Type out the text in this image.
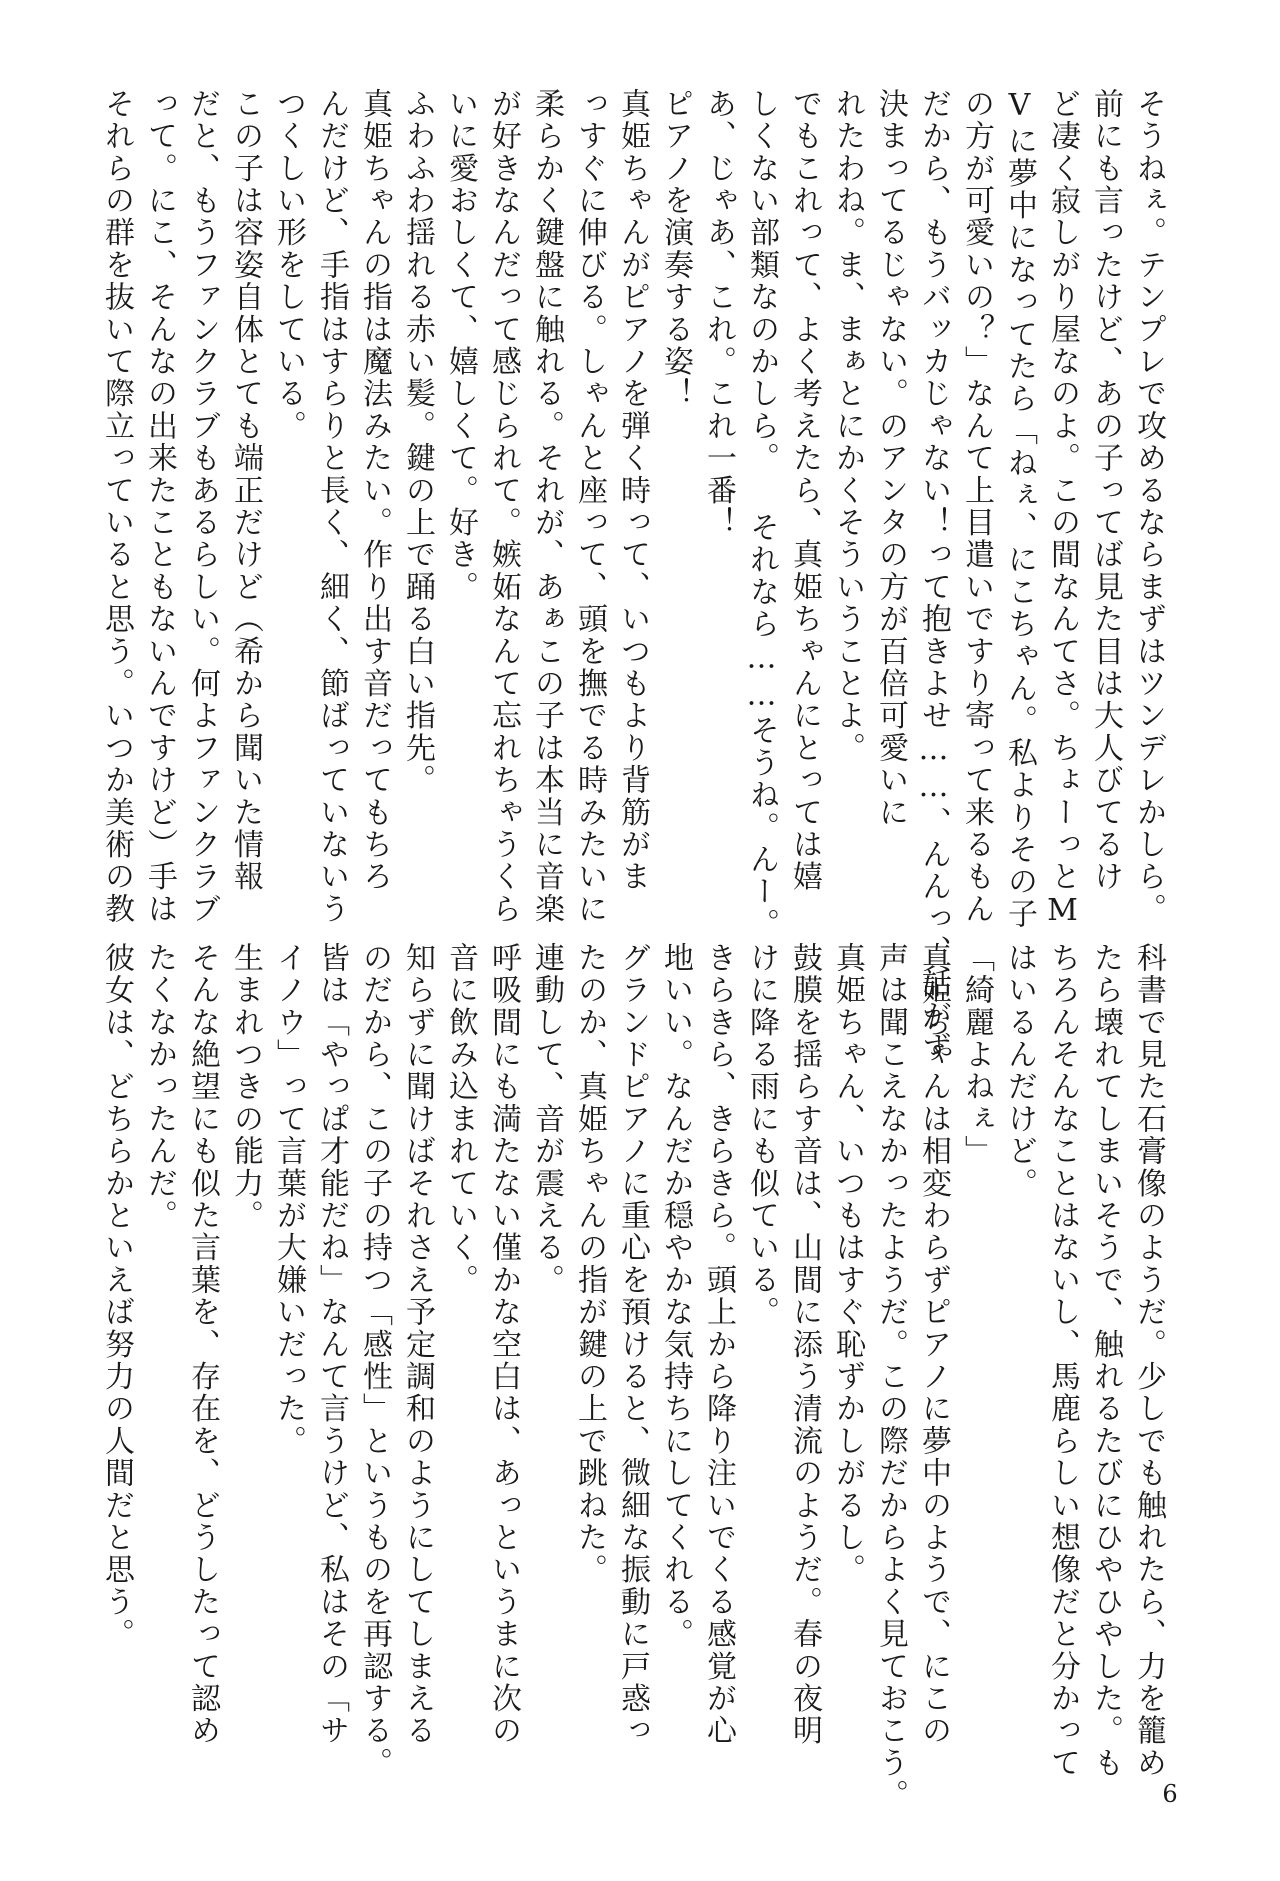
そうねぇ。テンプレで攻めるならまずはツンデレかしら。
前にも言ったけど、あの子ってば見た目は大人びてるけ
ど凄く寂しがり屋なのよ。この間なんてさ。ちょーっとM
Vに夢中になってたら「ねぇ、にこちゃん。私よりその子
の方が可愛いの？」なんて上目遣いですり寄って来るもん
だから、もうバッカじゃない！って抱きよせ……、んんっ、話がず
決まってるじゃない。のアンタの方が百倍可愛いに
れたわね。ま、まぁとにかくそういうことよ。
でもこれって、よく考えたら、真姫ちゃんにとっては嬉
しくない部類なのかしら。 それなら……そうね。んー。
あ、じゃあ、これ。これ一番！
ピアノを演奏する姿！
真姫ちゃんがピアノを弾く時って、いつもより背筋がま
っすぐに伸びる。しゃんと座って、頭を撫でる時みたいに
柔らかく鍵盤に触れる。それが、あぁこの子は本当に音楽
が好きなんだって感じられて。嫉妬なんて忘れちゃうくら
いに愛おしくて、嬉しくて。好き。
ふわふわ揺れる赤い髪。鍵の上で踊る白い指先。
真姫ちゃんの指は魔法みたい。作り出す音だってもちろ
んだけど、手指はすらりと長く、細く、節ばっていないう
つくしい形をしている。
この子は容姿自体とても端正だけど（希から聞いた情報
だと、もうファンクラブもあるらしい。何よファンクラブ
って。にこ、そんなの出来たこともないんですけど）手は
それらの群を抜いて際立っていると思う。いつか美術の教
科書で見た石膏像のようだ。少しでも触れたら、力を籠め
たら壊れてしまいそうで、触れるたびにひやひやした。も
ちろんそんなことはないし、馬鹿らしい想像だと分かって
はいるんだけど。
「綺麗よねぇ」
真姫ちゃんは相変わらずピアノに夢中のようで、にこの
声は聞こえなかったようだ。この際だからよく見ておこう。
真姫ちゃん、いつもはすぐ恥ずかしがるし。
鼓膜を揺らす音は、山間に添う清流のようだ。春の夜明
けに降る雨にも似ている。
きらきら、きらきら。頭上から降り注いでくる感覚が心
地いい。なんだか穏やかな気持ちにしてくれる。
グランドピアノに重心を預けると、微細な振動に戸惑っ
たのか、真姫ちゃんの指が鍵の上で跳ねた。
連動して、音が震える。
呼吸間にも満たない僅かな空白は、あっというまに次の
音に飲み込まれていく。
知らずに聞けばそれさえ予定調和のようにしてしまえる
のだから、この子の持つ「感性」というものを再認する。
皆は「やっぱ才能だね」なんて言うけど、私はその「サ
イノウ」って言葉が大嫌いだった。
生まれつきの能力。
そんな絶望にも似た言葉を、存在を、どうしたって認め
たくなかったんだ。
彼女は、どちらかといえば努力の人間だと思う。
6
